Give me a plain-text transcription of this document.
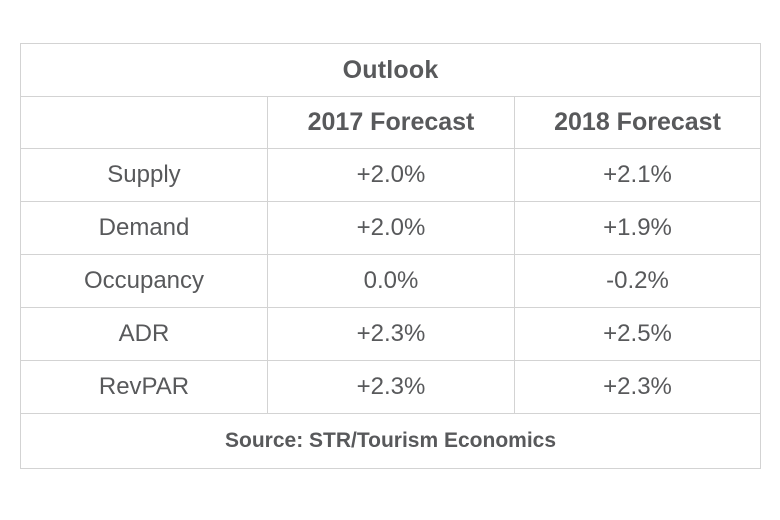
Outlook		
	2017 Forecast	2018 Forecast
Supply	+2.0%	+2.1%
Demand	+2.0%	+1.9%
Occupancy	0.0%	-0.2%
ADR	+2.3%	+2.5%
RevPAR	+2.3%	+2.3%
Source: STR/Tourism Economics		
